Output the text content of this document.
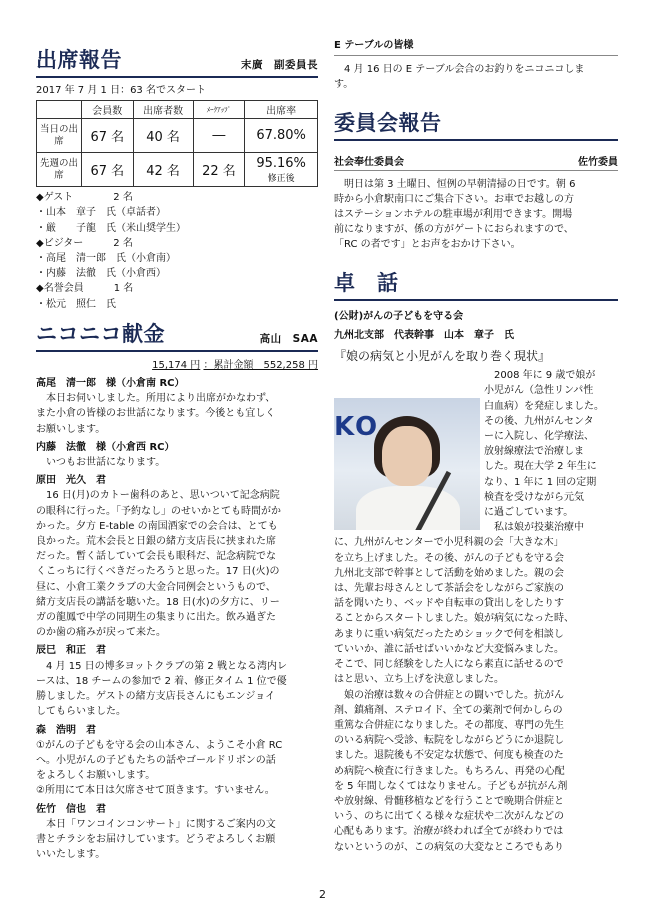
出席報告	末廣　副委員長

2017 年 7 月 1 日：63 名でスタート

	会員数	出席者数	ﾒｰｸｱｯﾌﾟ	出席率
当日の出席	67 名	40 名	―	67.80%
先週の出席	67 名	42 名	22 名	95.16%
修正後

◆ゲスト　　　　2 名

・山本　章子　氏（卓話者）

・厳　　子龍　氏（米山奨学生）

◆ビジター　　　2 名

・高尾　清一郎　氏（小倉南）

・内藤　法徹　氏（小倉西）

◆名誉会員　　　1 名

・松元　照仁　氏

ニコニコ献金	高山　SAA

15,174 円 ：累計金額　552,258 円

高尾　清一郎　様（小倉南 RC）

本日お伺いしました。所用により出席がかなわず、

また小倉の皆様のお世話になります。今後とも宜しく

お願いします。

内藤　法徹　様（小倉西 RC）

いつもお世話になります。

原田　光久　君

16 日(月)のカトー歯科のあと、思いついて記念病院

の眼科に行った。「予約なし」のせいかとても時間がか

かった。夕方 E-table の南国酒家での会合は、とても

良かった。荒木会長と日銀の緒方支店長に挟まれた席

だった。暫く話していて会長も眼科だ、記念病院でな

くこっちに行くべきだったろうと思った。17 日(火)の

昼に、小倉工業クラブの大金合同例会というもので、

緒方支店長の講話を聴いた。18 日(水)の夕方に、リー

ガの龍鳳で中学の同期生の集まりに出た。飲み過ぎた

のか歯の痛みが戻って来た。

辰巳　和正　君

4 月 15 日の博多ヨットクラブの第 2 戦となる湾内レ

ースは、18 チームの参加で 2 着、修正タイム 1 位で優

勝しました。ゲストの緒方支店長さんにもエンジョイ

してもらいました。

森　浩明　君

①がんの子どもを守る会の山本さん、ようこそ小倉 RC

へ。小児がんの子どもたちの話やゴールドリボンの話

をよろしくお願いします。

②所用にて本日は欠席させて頂きます。すいません。

佐竹　信也　君

本日「ワンコインコンサート」に関するご案内の文

書とチラシをお届けしています。どうぞよろしくお願

いいたします。

E テーブルの皆様

4 月 16 日の E テーブル会合のお釣りをニコニコしま

す。

委員会報告
社会奉仕委員会	佐竹委員

明日は第 3 土曜日、恒例の早朝清掃の日です。朝 6

時から小倉駅南口にご集合下さい。お車でお越しの方

はステーションホテルの駐車場が利用できます。開場

前になりますが、係の方がゲートにおられますので、

「RC の者です」とお声をおかけ下さい。

卓　話

(公財)がんの子どもを守る会

九州北支部　代表幹事　山本　章子　氏

『娘の病気と小児がんを取り巻く現状』

2008 年に 9 歳で娘が

小児がん（急性リンパ性

白血病）を発症しました。

その後、九州がんセンタ

ーに入院し、化学療法、

放射線療法で治療しま

した。現在大学 2 年生に

なり、1 年に 1 回の定期

検査を受けながら元気

に過ごしています。

私は娘が投薬治療中

に、九州がんセンターで小児科親の会「大きな木」

を立ち上げました。その後、がんの子どもを守る会

九州北支部で幹事として活動を始めました。親の会

は、先輩お母さんとして茶話会をしながらご家族の

話を聞いたり、ベッドや自転車の貸出しをしたりす

ることからスタートしました。娘が病気になった時、

あまりに重い病気だったためショックで何を相談し

ていいか、誰に話せばいいかなど大変悩みました。

そこで、同じ経験をした人になら素直に話せるので

はと思い、立ち上げを決意しました。

娘の治療は数々の合併症との闘いでした。抗がん

剤、鎮痛剤、ステロイド、全ての薬剤で何かしらの

重篤な合併症になりました。その都度、専門の先生

のいる病院へ受診、転院をしながらどうにか退院し

ました。退院後も不安定な状態で、何度も検査のた

め病院へ検査に行きました。もちろん、再発の心配

を 5 年間しなくてはなりません。子どもが抗がん剤

や放射線、骨髄移植などを行うことで晩期合併症と

いう、のちに出てくる様々な症状や二次がんなどの

心配もあります。治療が終われば全てが終わりでは

ないというのが、この病気の大変なところでもあり

KO
2
